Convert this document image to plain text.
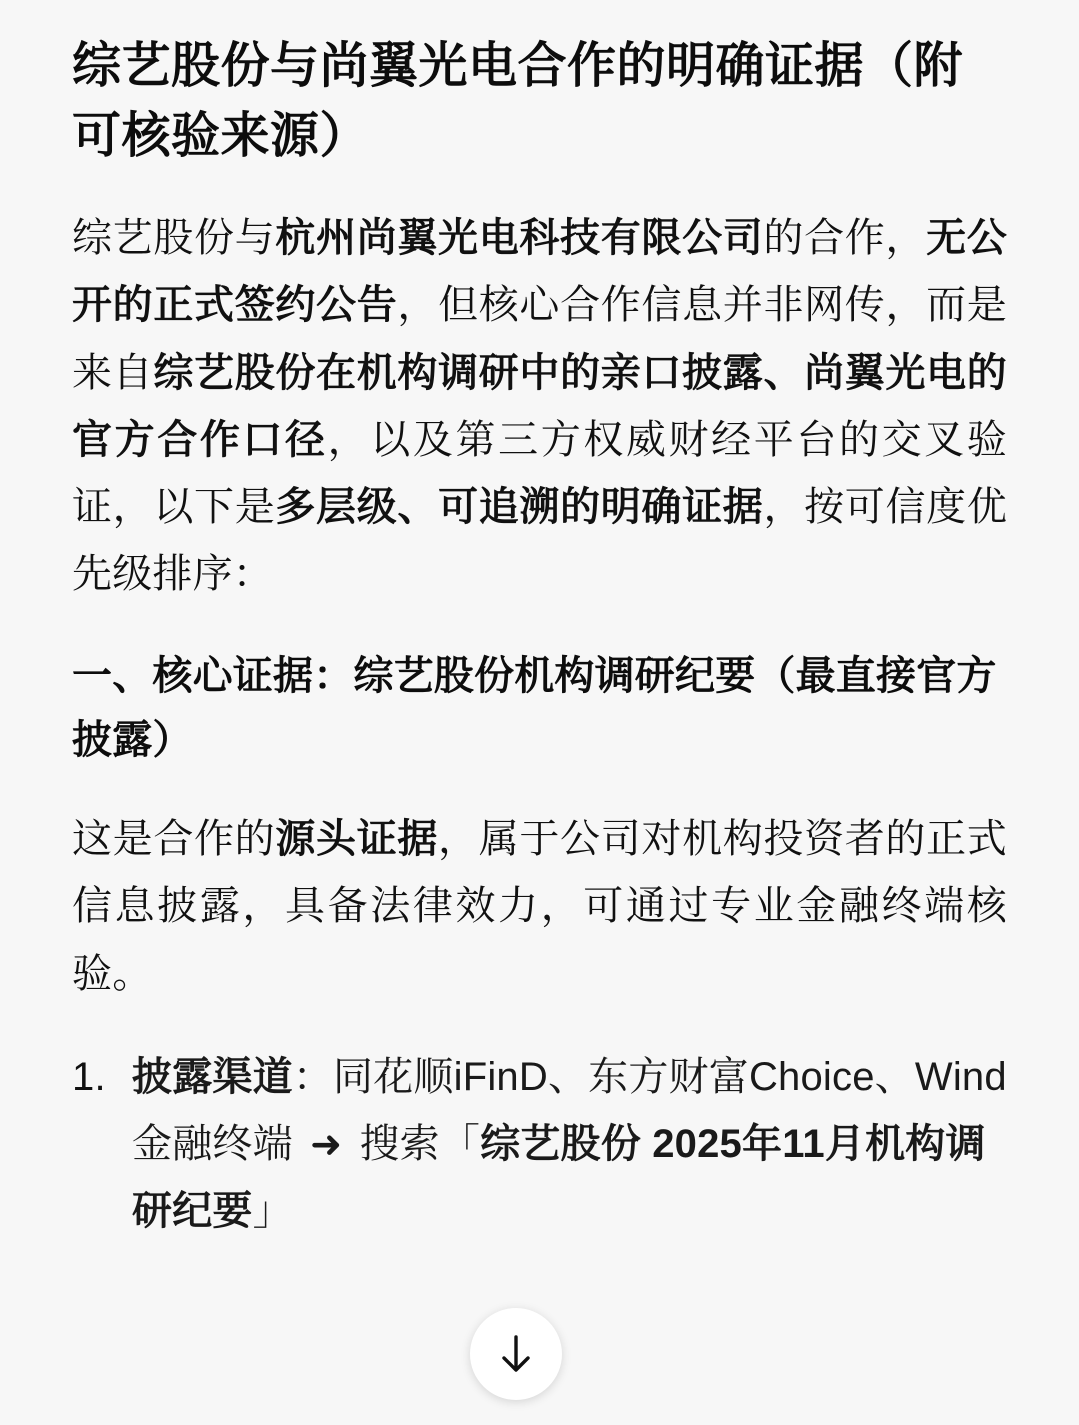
综艺股份与尚翼光电合作的明确证据（附可核验来源）

综艺股份与杭州尚翼光电科技有限公司的合作，无公开的正式签约公告，但核心合作信息并非网传，而是来自综艺股份在机构调研中的亲口披露、尚翼光电的官方合作口径，以及第三方权威财经平台的交叉验证，以下是多层级、可追溯的明确证据，按可信度优先级排序：

一、核心证据：综艺股份机构调研纪要（最直接官方披露）

这是合作的源头证据，属于公司对机构投资者的正式信息披露，具备法律效力，可通过专业金融终端核验。

披露渠道：同花顺iFinD、东方财富Choice、Wind金融终端 ➜ 搜索「综艺股份 2025年11月机构调研纪要」
